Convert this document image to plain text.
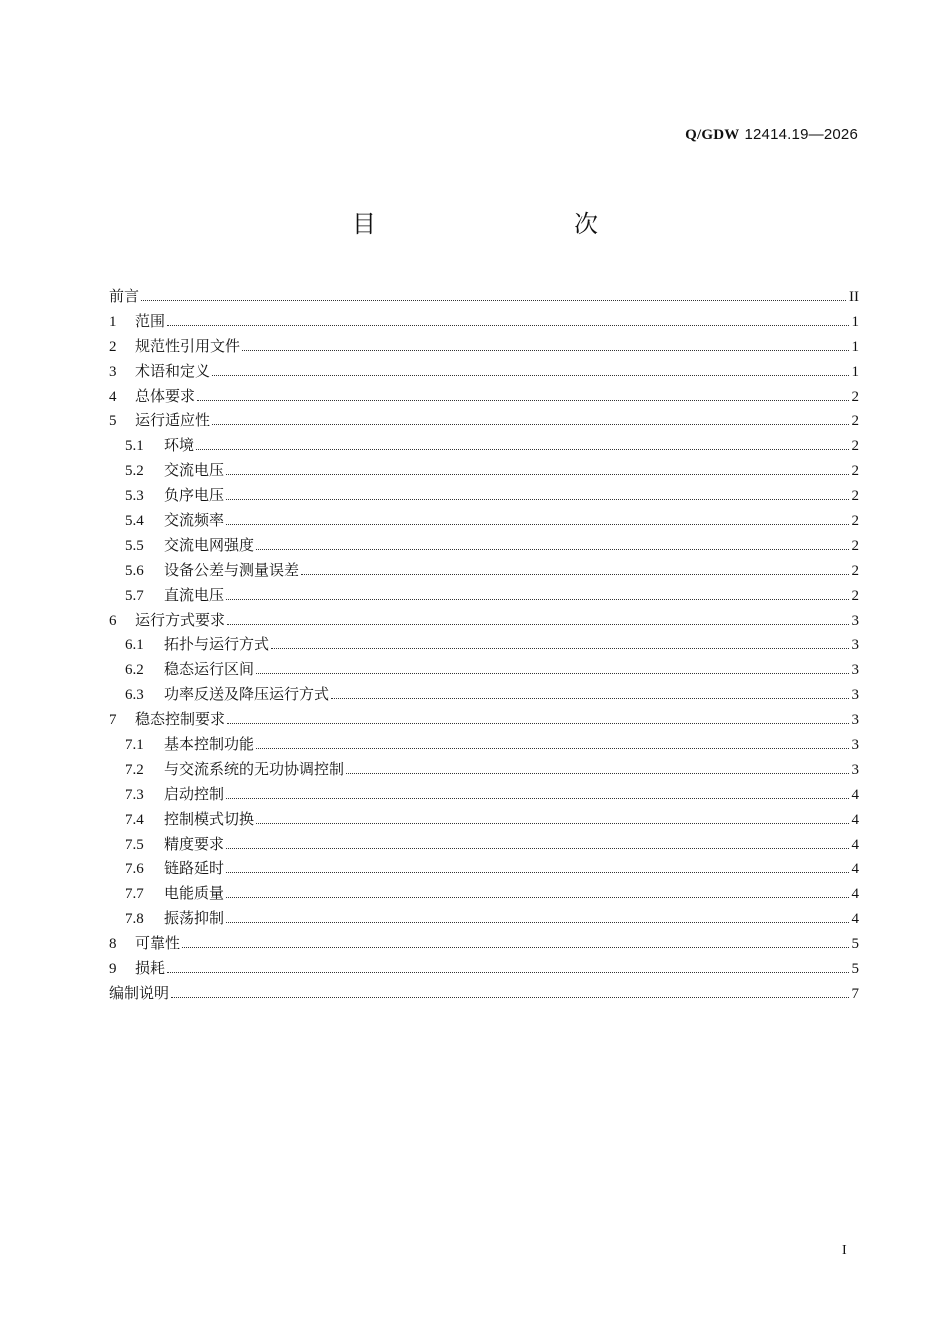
Q/GDW 12414.19—2026
目　　次
前言	II
1	范围	1
2	规范性引用文件	1
3	术语和定义	1
4	总体要求	2
5	运行适应性	2
5.1	环境	2
5.2	交流电压	2
5.3	负序电压	2
5.4	交流频率	2
5.5	交流电网强度	2
5.6	设备公差与测量误差	2
5.7	直流电压	2
6	运行方式要求	3
6.1	拓扑与运行方式	3
6.2	稳态运行区间	3
6.3	功率反送及降压运行方式	3
7	稳态控制要求	3
7.1	基本控制功能	3
7.2	与交流系统的无功协调控制	3
7.3	启动控制	4
7.4	控制模式切换	4
7.5	精度要求	4
7.6	链路延时	4
7.7	电能质量	4
7.8	振荡抑制	4
8	可靠性	5
9	损耗	5
编制说明	7
I
